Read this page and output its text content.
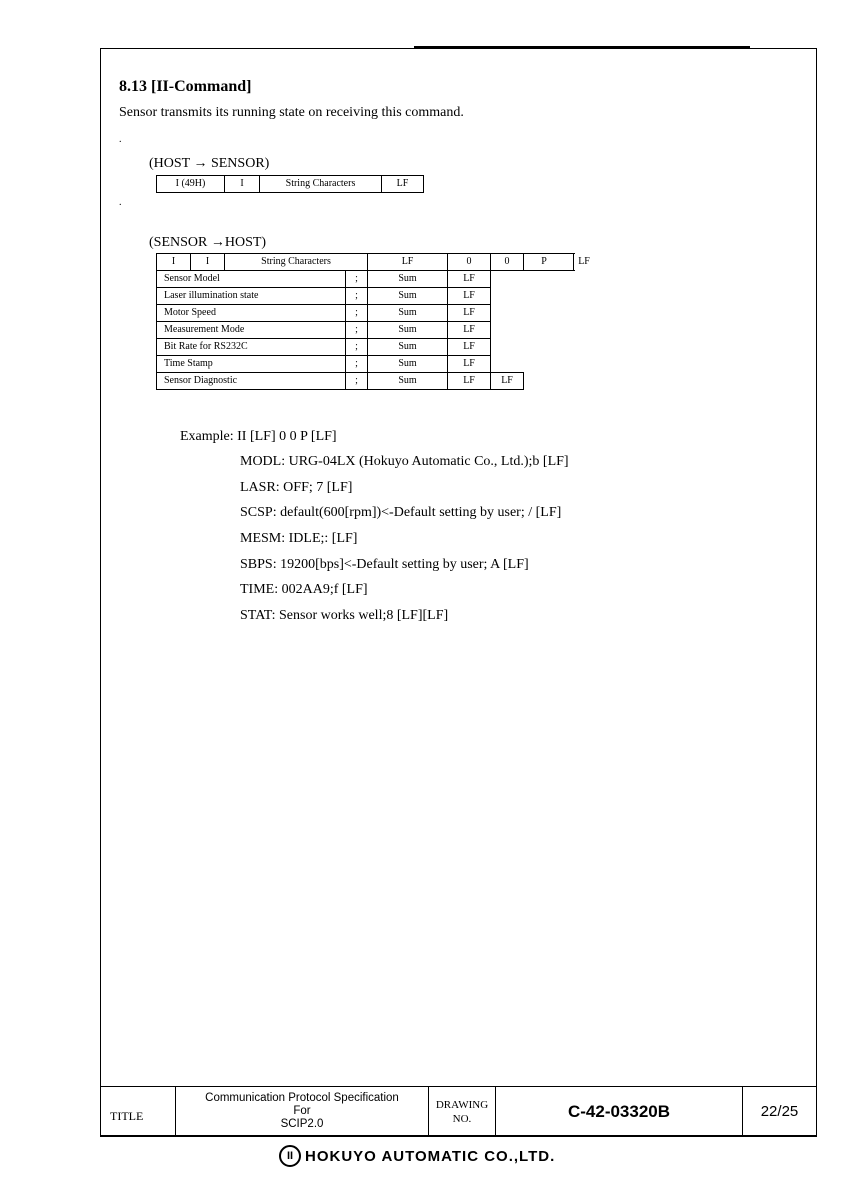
8.13 [II-Command]
Sensor transmits its running state on receiving this command.
.
(HOST → SENSOR)
I (49H)	I	String Characters	LF
.
(SENSOR →HOST)
I	I	String Characters		LF	0	0	P LF
Sensor Model			;	Sum	LF		
Laser illumination state			;	Sum	LF		
Motor Speed			;	Sum	LF		
Measurement Mode			;	Sum	LF		
Bit Rate for RS232C			;	Sum	LF		
Time Stamp			;	Sum	LF		
Sensor Diagnostic			;	Sum	LF	LF	
Example: II [LF] 0 0 P [LF]
MODL: URG-04LX (Hokuyo Automatic Co., Ltd.);b [LF]
LASR: OFF; 7 [LF]
SCSP: default(600[rpm])<-Default setting by user; / [LF]
MESM: IDLE;: [LF]
SBPS: 19200[bps]<-Default setting by user; A [LF]
TIME: 002AA9;f [LF]
STAT: Sensor works well;8 [LF][LF]
TITLE
Communication Protocol Specification
For
SCIP2.0
DRAWING
NO.	C-42-03320B	22/25
II HOKUYO AUTOMATIC CO.,LTD.
